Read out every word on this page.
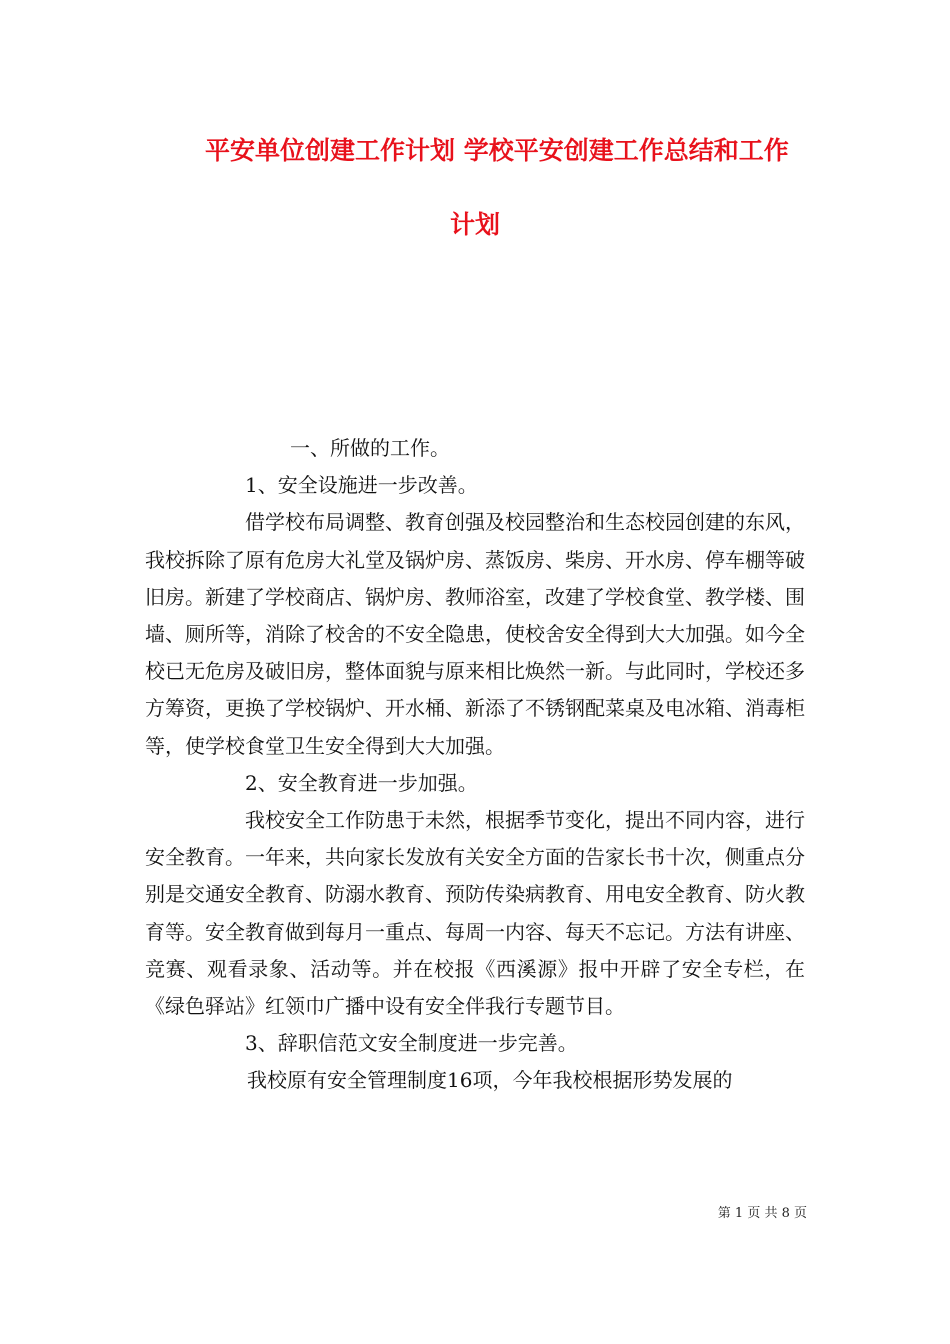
平安单位创建工作计划 学校平安创建工作总结和工作
计划

一、所做的工作。

1、安全设施进一步改善。

借学校布局调整、教育创强及校园整治和生态校园创建的东风，我校拆除了原有危房大礼堂及锅炉房、蒸饭房、柴房、开水房、停车棚等破旧房。新建了学校商店、锅炉房、教师浴室，改建了学校食堂、教学楼、围墙、厕所等，消除了校舍的不安全隐患，使校舍安全得到大大加强。如今全校已无危房及破旧房，整体面貌与原来相比焕然一新。与此同时，学校还多方筹资，更换了学校锅炉、开水桶、新添了不锈钢配菜桌及电冰箱、消毒柜等，使学校食堂卫生安全得到大大加强。

2、安全教育进一步加强。

我校安全工作防患于未然，根据季节变化，提出不同内容，进行安全教育。一年来，共向家长发放有关安全方面的告家长书十次，侧重点分别是交通安全教育、防溺水教育、预防传染病教育、用电安全教育、防火教育等。安全教育做到每月一重点、每周一内容、每天不忘记。方法有讲座、竞赛、观看录象、活动等。并在校报《西溪源》报中开辟了安全专栏，在《绿色驿站》红领巾广播中设有安全伴我行专题节目。

3、辞职信范文安全制度进一步完善。

我校原有安全管理制度16项，今年我校根据形势发展的

第 1 页 共 8 页
